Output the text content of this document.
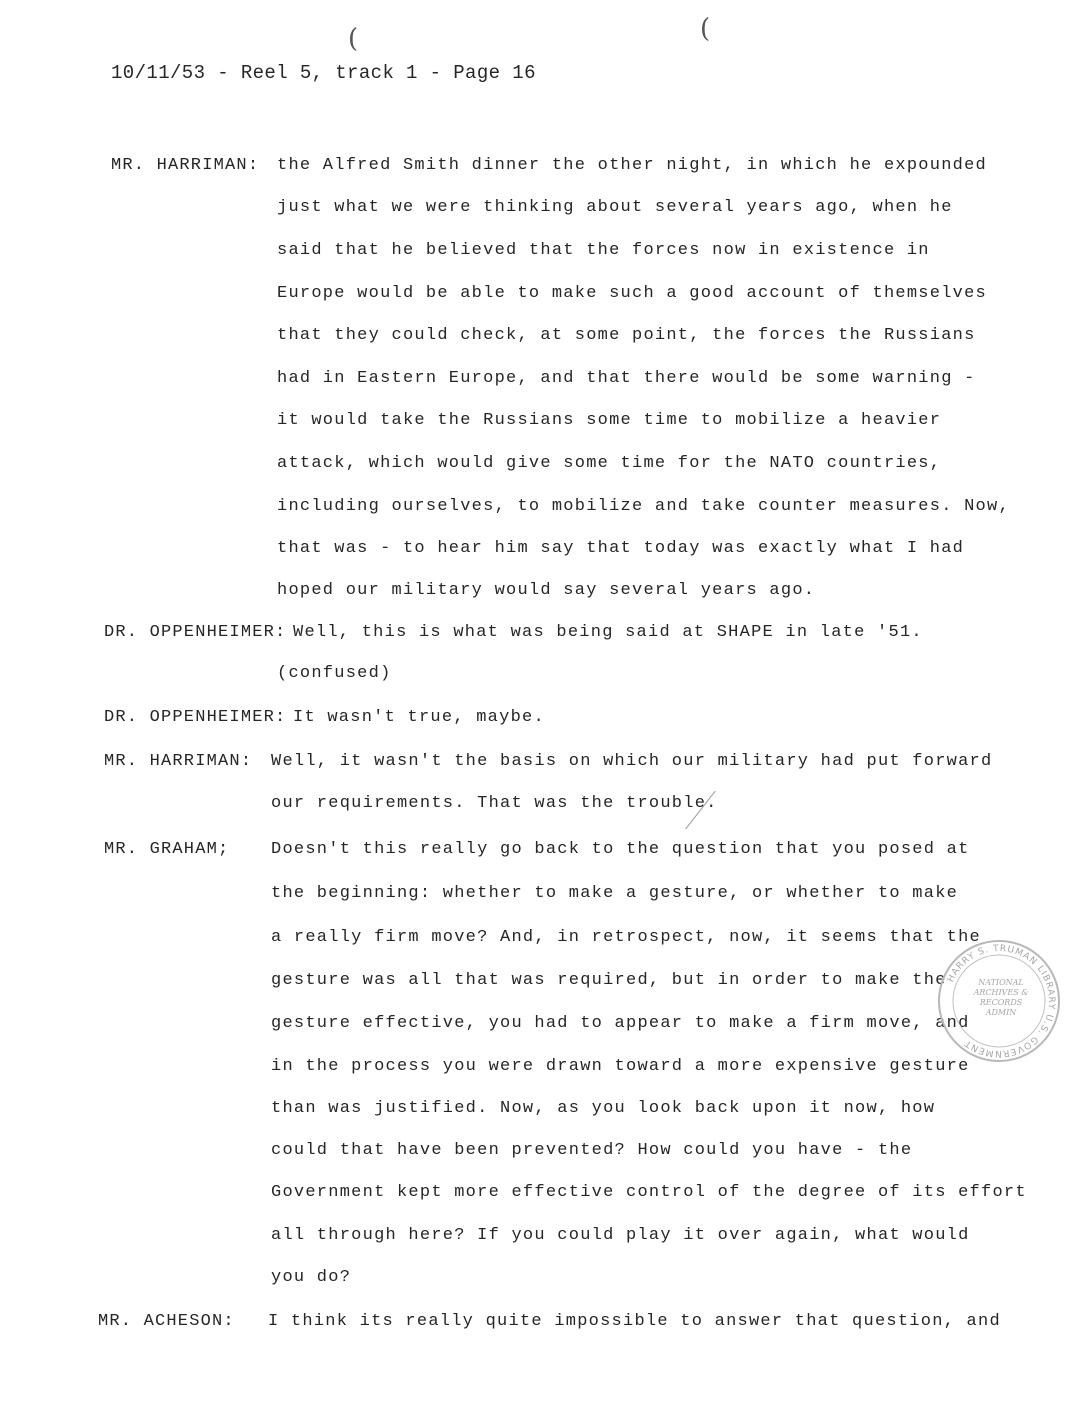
10/11/53 - Reel 5, track 1 - Page 16
(	(
MR. HARRIMAN: the Alfred Smith dinner the other night, in which he expounded
just what we were thinking about several years ago, when he
said that he believed that the forces now in existence in
Europe would be able to make such a good account of themselves
that they could check, at some point, the forces the Russians
had in Eastern Europe, and that there would be some warning -
it would take the Russians some time to mobilize a heavier
attack, which would give some time for the NATO countries,
including ourselves, to mobilize and take counter measures. Now,
that was - to hear him say that today was exactly what I had
hoped our military would say several years ago.
DR. OPPENHEIMER: Well, this is what was being said at SHAPE in late '51.
(confused)
DR. OPPENHEIMER: It wasn't true, maybe.
MR. HARRIMAN: Well, it wasn't the basis on which our military had put forward
our requirements. That was the trouble.
MR. GRAHAM; Doesn't this really go back to the question that you posed at
the beginning: whether to make a gesture, or whether to make
a really firm move? And, in retrospect, now, it seems that the
gesture was all that was required, but in order to make the
gesture effective, you had to appear to make a firm move, and
in the process you were drawn toward a more expensive gesture
than was justified. Now, as you look back upon it now, how
could that have been prevented? How could you have - the
Government kept more effective control of the degree of its effort
all through here? If you could play it over again, what would
you do?
MR. ACHESON: I think its really quite impossible to answer that question, and
HARRY S. TRUMAN LIBRARY U.S. GOVERNMENT
NATIONAL
ARCHIVES &
RECORDS
ADMIN
